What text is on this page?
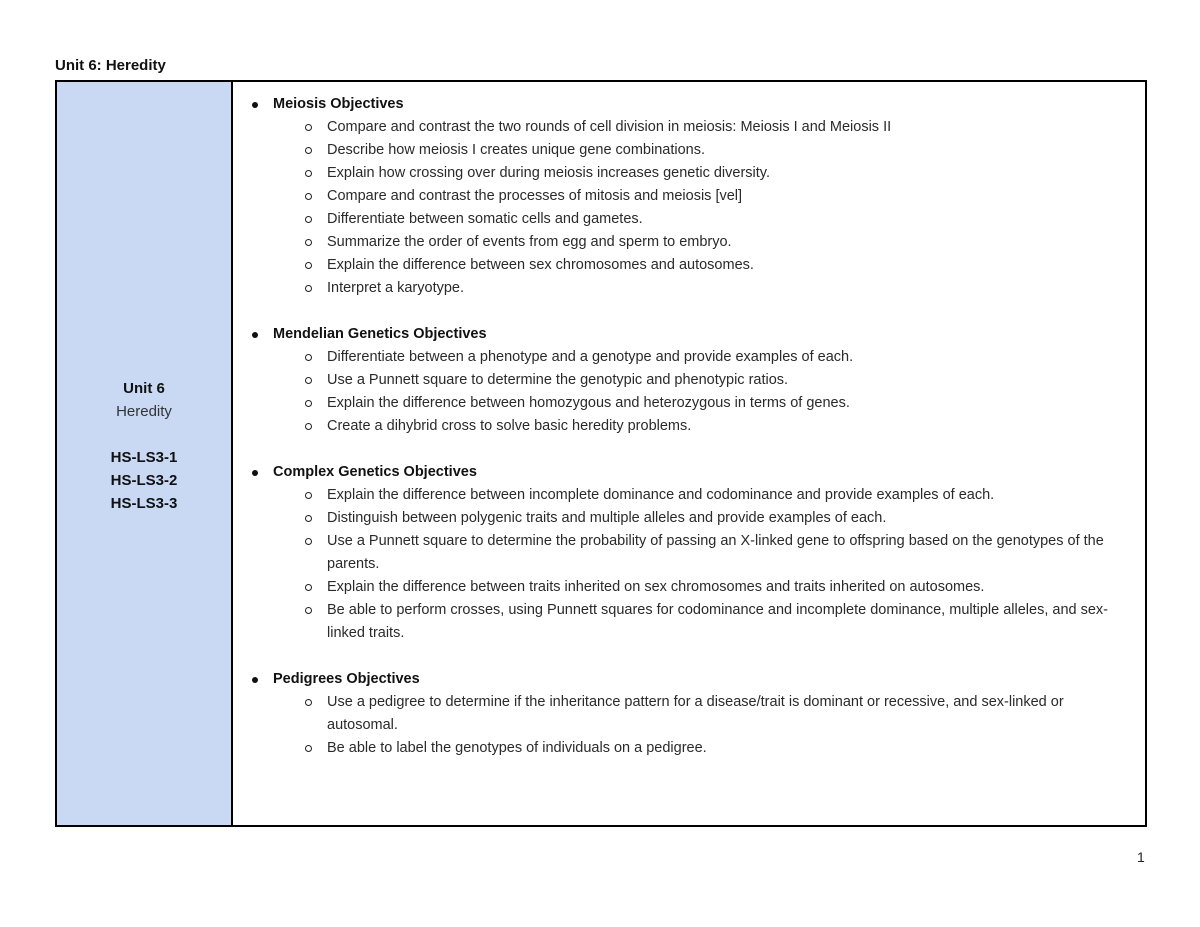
Unit 6: Heredity
Unit 6
Heredity
HS-LS3-1
HS-LS3-2
HS-LS3-3
Meiosis Objectives
Compare and contrast the two rounds of cell division in meiosis: Meiosis I and Meiosis II
Describe how meiosis I creates unique gene combinations.
Explain how crossing over during meiosis increases genetic diversity.
Compare and contrast the processes of mitosis and meiosis [vel]
Differentiate between somatic cells and gametes.
Summarize the order of events from egg and sperm to embryo.
Explain the difference between sex chromosomes and autosomes.
Interpret a karyotype.
Mendelian Genetics Objectives
Differentiate between a phenotype and a genotype and provide examples of each.
Use a Punnett square to determine the genotypic and phenotypic ratios.
Explain the difference between homozygous and heterozygous in terms of genes.
Create a dihybrid cross to solve basic heredity problems.
Complex Genetics Objectives
Explain the difference between incomplete dominance and codominance and provide examples of each.
Distinguish between polygenic traits and multiple alleles and provide examples of each.
Use a Punnett square to determine the probability of passing an X-linked gene to offspring based on the genotypes of the parents.
Explain the difference between traits inherited on sex chromosomes and traits inherited on autosomes.
Be able to perform crosses, using Punnett squares for codominance and incomplete dominance, multiple alleles, and sex-linked traits.
Pedigrees Objectives
Use a pedigree to determine if the inheritance pattern for a disease/trait is dominant or recessive, and sex-linked or autosomal.
Be able to label the genotypes of individuals on a pedigree.
1
